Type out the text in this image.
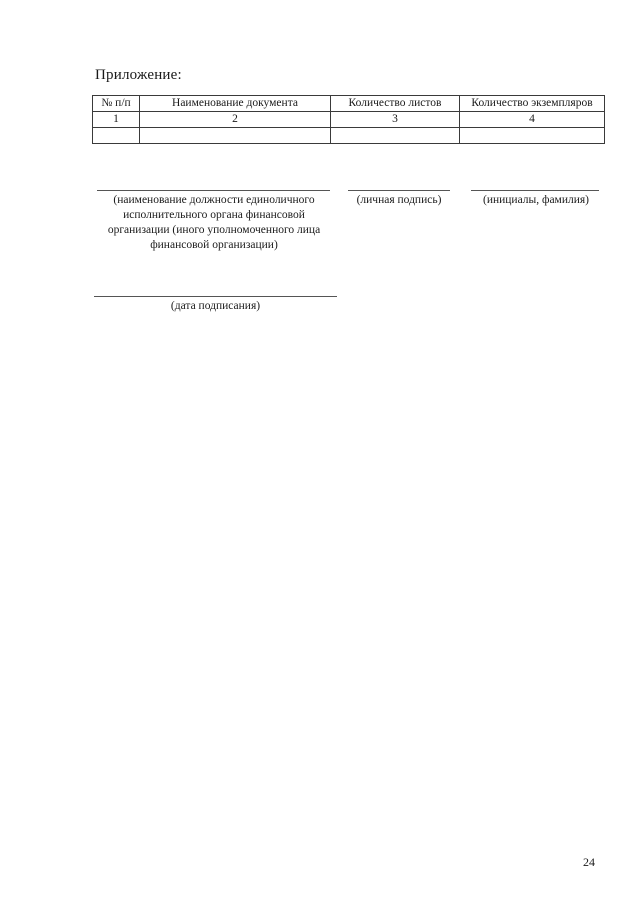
Приложение:
№ п/п	Наименование документа	Количество листов	Количество экземпляров
1	2	3	4

(наименование должности единоличного
исполнительного органа финансовой
организации (иного уполномоченного лица
финансовой организации)
(личная подпись)	(инициалы, фамилия)
(дата подписания)
24
